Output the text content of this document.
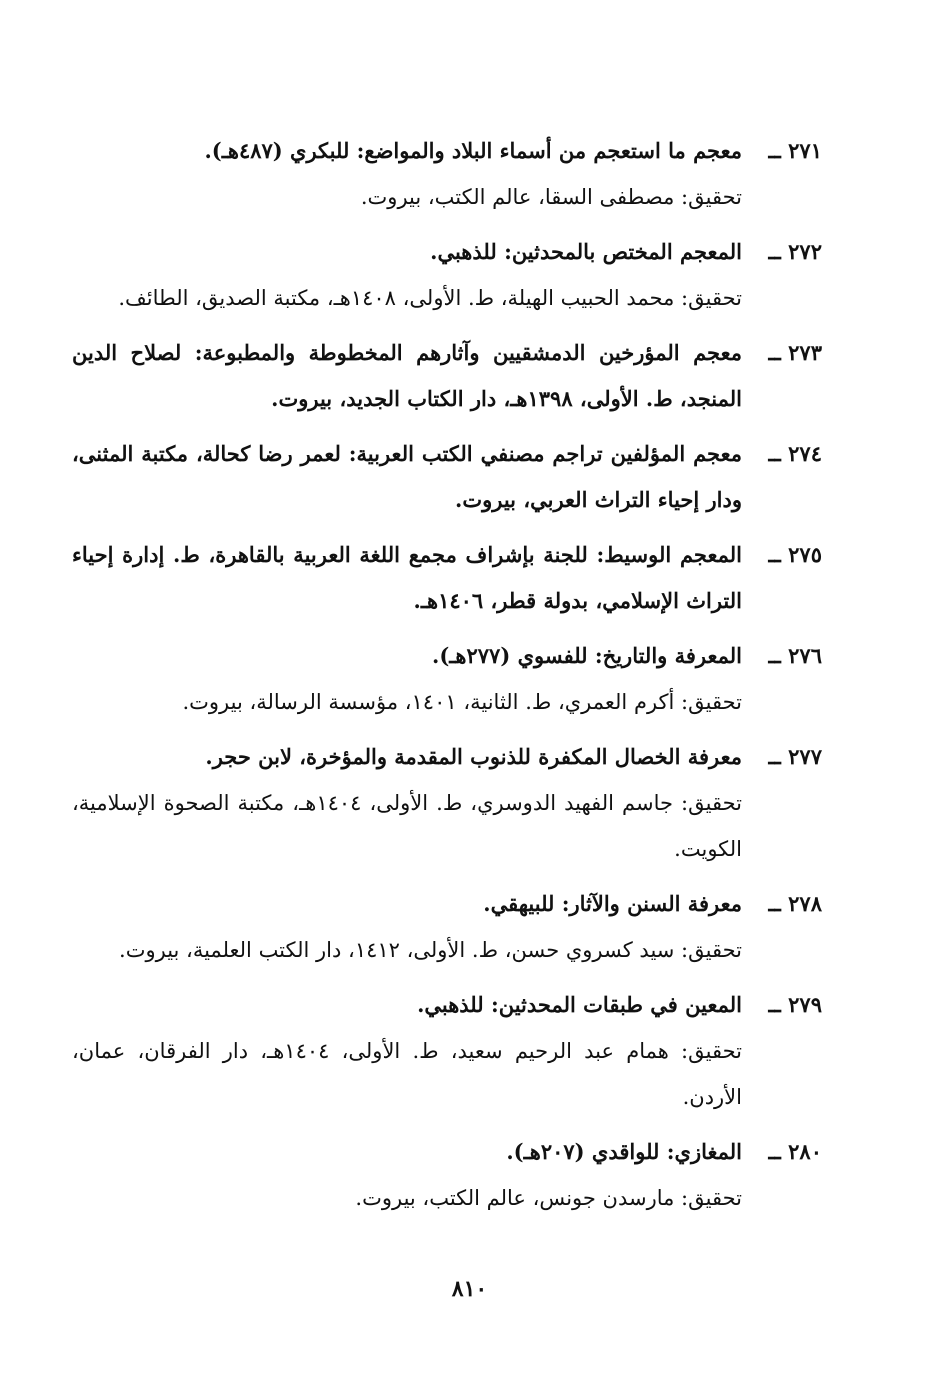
٢٧١ ــ

معجم ما استعجم من أسماء البلاد والمواضع: للبكري (٤٨٧هـ).

تحقيق: مصطفى السقا، عالم الكتب، بيروت.

٢٧٢ ــ

المعجم المختص بالمحدثين: للذهبي.

تحقيق: محمد الحبيب الهيلة، ط. الأولى، ١٤٠٨هـ، مكتبة الصديق، الطائف.

٢٧٣ ــ

معجم المؤرخين الدمشقيين وآثارهم المخطوطة والمطبوعة: لصلاح الدين المنجد، ط. الأولى، ١٣٩٨هـ، دار الكتاب الجديد، بيروت.

٢٧٤ ــ

معجم المؤلفين تراجم مصنفي الكتب العربية: لعمر رضا كحالة، مكتبة المثنى، ودار إحياء التراث العربي، بيروت.

٢٧٥ ــ

المعجم الوسيط: للجنة بإشراف مجمع اللغة العربية بالقاهرة، ط. إدارة إحياء التراث الإسلامي، بدولة قطر، ١٤٠٦هـ.

٢٧٦ ــ

المعرفة والتاريخ: للفسوي (٢٧٧هـ).

تحقيق: أكرم العمري، ط. الثانية، ١٤٠١، مؤسسة الرسالة، بيروت.

٢٧٧ ــ

معرفة الخصال المكفرة للذنوب المقدمة والمؤخرة، لابن حجر.

تحقيق: جاسم الفهيد الدوسري، ط. الأولى، ١٤٠٤هـ، مكتبة الصحوة الإسلامية، الكويت.

٢٧٨ ــ

معرفة السنن والآثار: للبيهقي.

تحقيق: سيد كسروي حسن، ط. الأولى، ١٤١٢، دار الكتب العلمية، بيروت.

٢٧٩ ــ

المعين في طبقات المحدثين: للذهبي.

تحقيق: همام عبد الرحيم سعيد، ط. الأولى، ١٤٠٤هـ، دار الفرقان، عمان، الأردن.

٢٨٠ ــ

المغازي: للواقدي (٢٠٧هـ).

تحقيق: مارسدن جونس، عالم الكتب، بيروت.

٨١٠
